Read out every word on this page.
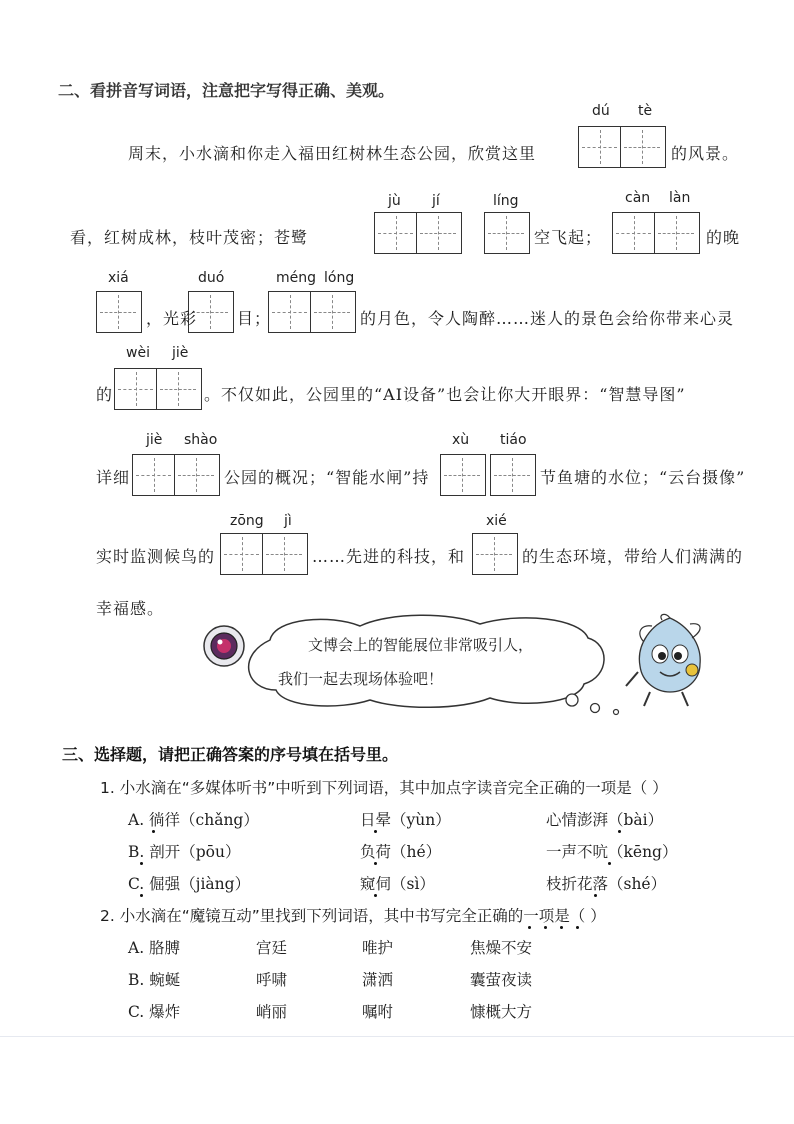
二、看拼音写词语，注意把字写得正确、美观。
dú tè
周末，小水滴和你走入福田红树林生态公园，欣赏这里	的风景。
jù jí	líng	càn làn
看，红树成林，枝叶茂密；苍鹭	空飞起；	的晚
xiá	duó	méng lóng
，光彩 目；	的月色，令人陶醉……迷人的景色会给你带来心灵
wèi jiè
的	。不仅如此，公园里的“AI设备”也会让你大开眼界：“智慧导图”
jiè shào	xù tiáo
详细	公园的概况；“智能水闸”持	节鱼塘的水位；“云台摄像”
zōng jì	xié
实时监测候鸟的	……先进的科技，和	的生态环境，带给人们满满的
幸福感。
文博会上的智能展位非常吸引人，
我们一起去现场体验吧！
三、选择题，请把正确答案的序号填在括号里。
1. 小水滴在“多媒体听书”中听到下列词语，其中加点字读音完全正确的一项是（ ）
A. 徜徉（chǎng）	日晕（yùn）	心情澎湃（bài）
B. 剖开（pōu）	负荷（hé）	一声不吭（kēng）
C. 倔强（jiàng）	窥伺（sì）	枝折花落（shé）
2. 小水滴在“魔镜互动”里找到下列词语，其中书写完全正确的一项是（ ）
A. 胳膊	宫廷	唯护	焦燥不安
B. 蜿蜒	呼啸	潇洒	囊萤夜读
C. 爆炸	峭丽	嘱咐	慷概大方
